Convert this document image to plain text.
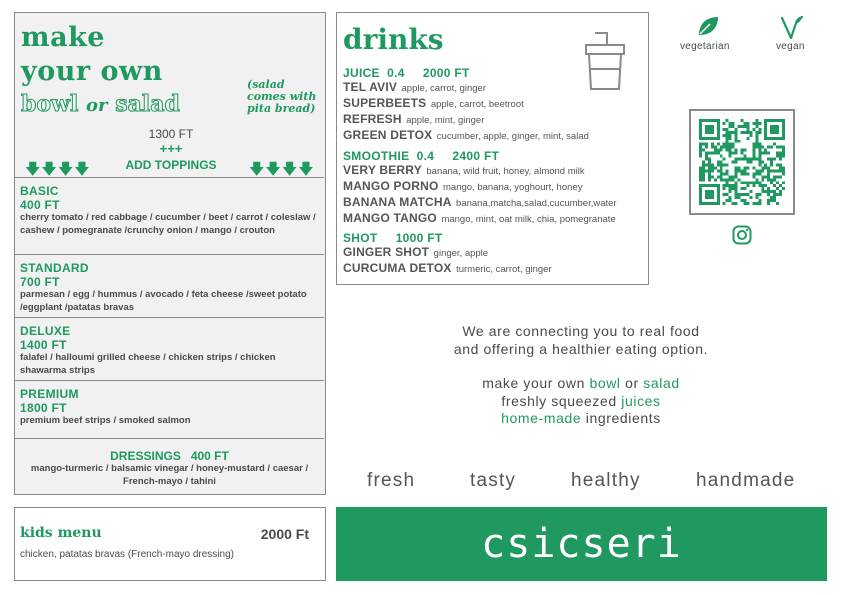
make
your own
bowl or salad
(salad comes with pita bread)
1300 FT
+++
🡇🡇🡇🡇	ADD TOPPINGS	🡇🡇🡇🡇
BASIC
400 FT
cherry tomato / red cabbage / cucumber / beet / carrot / coleslaw / cashew / pomegranate /crunchy onion / mango / crouton
STANDARD
700 FT
parmesan / egg / hummus / avocado / feta cheese /sweet potato /eggplant /patatas bravas
DELUXE
1400 FT
falafel / halloumi grilled cheese / chicken strips / chicken shawarma strips
PREMIUM
1800 FT
premium beef strips / smoked salmon
DRESSINGS   400 FT
mango-turmeric / balsamic vinegar / honey-mustard / caesar / French-mayo / tahini
kids menu	2000 Ft
chicken, patatas bravas (French-mayo dressing)
drinks
JUICE  0.4     2000 FT
TEL AVIV apple, carrot, ginger
SUPERBEETS apple, carrot, beetroot
REFRESH apple, mint, ginger
GREEN DETOX cucumber, apple, ginger, mint, salad
SMOOTHIE  0.4     2400 FT
VERY BERRY banana, wild fruit, honey, almond milk
MANGO PORNO mango, banana, yoghourt, honey
BANANA MATCHA banana,matcha,salad,cucumber,water
MANGO TANGO mango, mint, oat milk, chia, pomegranate
SHOT     1000 FT
GINGER SHOT ginger, apple
CURCUMA DETOX turmeric, carrot, ginger
vegetarian	vegan
We are connecting you to real food
and offering a healthier eating option.
make your own bowl or salad
freshly squeezed juices
home-made ingredients
fresh	tasty	healthy	handmade
csicseri
